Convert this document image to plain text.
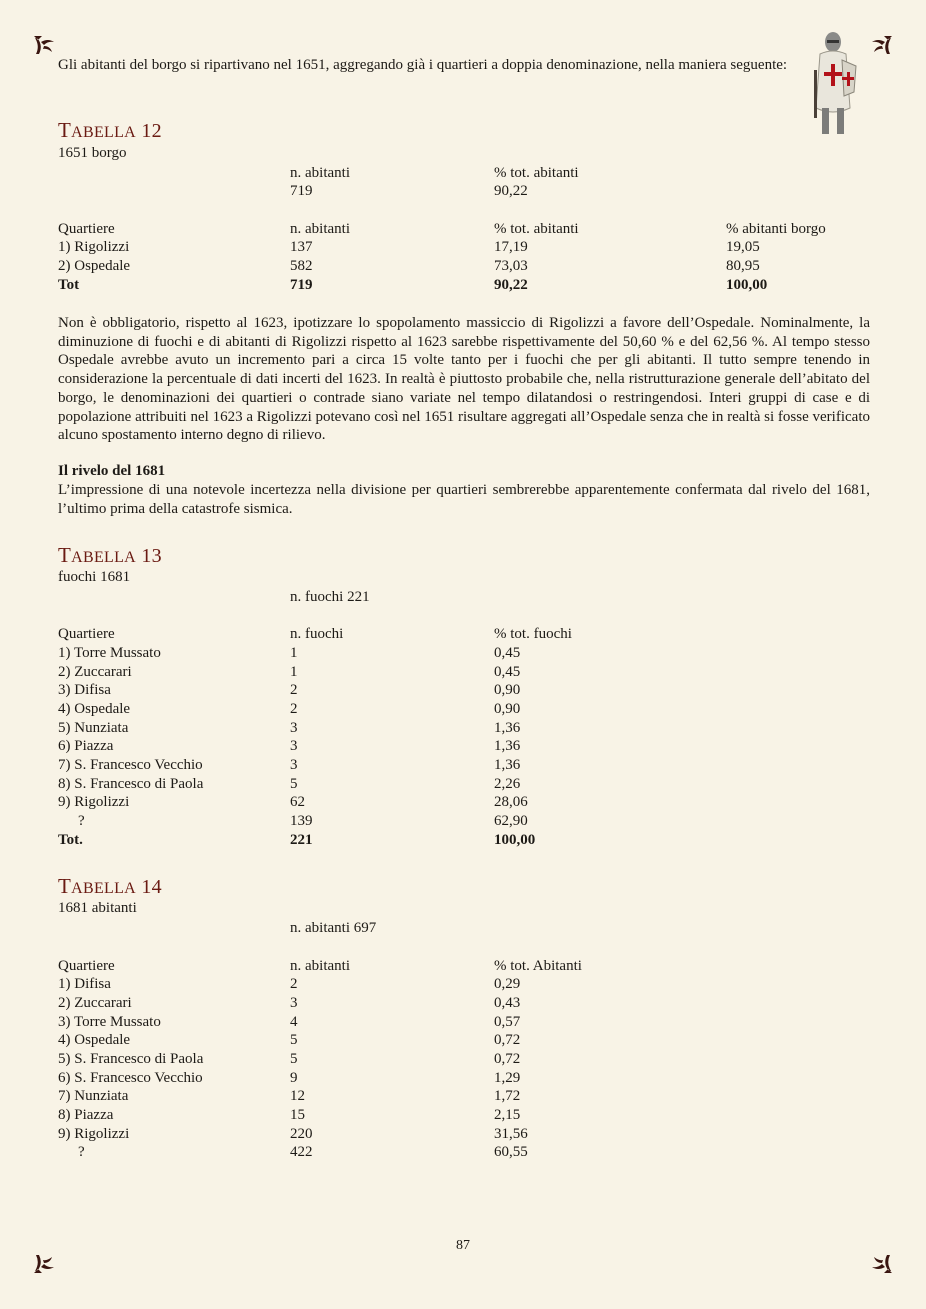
Gli abitanti del borgo si ripartivano nel 1651, aggregando già i quartieri a doppia denominazione, nella maniera seguente:
TABELLA 12
1651 borgo
n. abitanti	% tot. abitanti
719	90,22
Quartiere	n. abitanti	% tot. abitanti	% abitanti borgo
1) Rigolizzi	137	17,19	19,05
2) Ospedale	582	73,03	80,95
Tot	719	90,22	100,00
Non è obbligatorio, rispetto al 1623, ipotizzare lo spopolamento massiccio di Rigolizzi a favore dell’Ospedale. Nominalmente, la diminuzione di fuochi e di abitanti di Rigolizzi rispetto al 1623 sarebbe rispettivamente del 50,60 % e del 62,56 %. Al tempo stesso Ospedale avrebbe avuto un incremento pari a circa 15 volte tanto per i fuochi che per gli abitanti. Il tutto sempre tenendo in considerazione la percentuale di dati incerti del 1623. In realtà è piuttosto probabile che, nella ristrutturazione generale dell’abitato del borgo, le denominazioni dei quartieri o contrade siano variate nel tempo dilatandosi o restringendosi. Interi gruppi di case e di popolazione attribuiti nel 1623 a Rigolizzi potevano così nel 1651 risultare aggregati all’Ospedale senza che in realtà si fosse verificato alcuno spostamento interno degno di rilievo.
Il rivelo del 1681
L’impressione di una notevole incertezza nella divisione per quartieri sembrerebbe apparentemente confermata dal rivelo del 1681, l’ultimo prima della catastrofe sismica.
TABELLA 13
fuochi 1681
n. fuochi 221
Quartiere	n. fuochi	% tot. fuochi
1) Torre Mussato	1	0,45
2) Zuccarari	1	0,45
3) Difisa	2	0,90
4) Ospedale	2	0,90
5) Nunziata	3	1,36
6) Piazza	3	1,36
7) S. Francesco Vecchio	3	1,36
8) S. Francesco di Paola	5	2,26
9) Rigolizzi	62	28,06
?	139	62,90
Tot.	221	100,00
TABELLA 14
1681 abitanti
n. abitanti 697
Quartiere	n. abitanti	% tot. Abitanti
1) Difisa	2	0,29
2) Zuccarari	3	0,43
3) Torre Mussato	4	0,57
4) Ospedale	5	0,72
5) S. Francesco di Paola	5	0,72
6) S. Francesco Vecchio	9	1,29
7) Nunziata	12	1,72
8) Piazza	15	2,15
9) Rigolizzi	220	31,56
?	422	60,55
87
